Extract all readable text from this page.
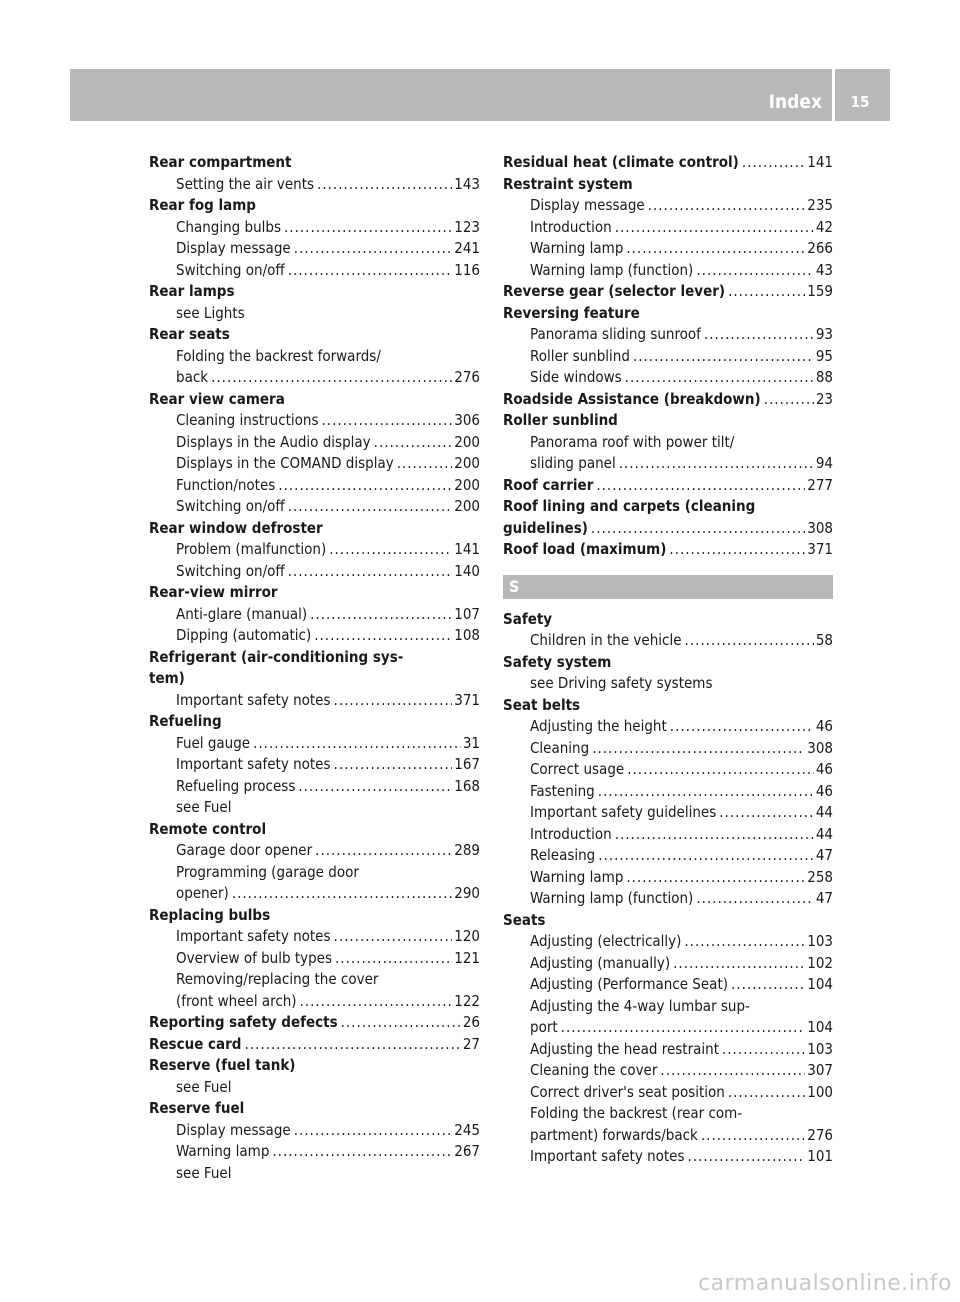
Index	15
Rear compartment
Setting the air vents .....	143
Rear fog lamp
Changing bulbs .....	123
Display message .....	241
Switching on/off .....	116
Rear lamps
see Lights
Rear seats
Folding the backrest forwards/
back .....	276
Rear view camera
Cleaning instructions .....	306
Displays in the Audio display .....	200
Displays in the COMAND display .....	200
Function/notes .....	200
Switching on/off .....	200
Rear window defroster
Problem (malfunction) .....	141
Switching on/off .....	140
Rear-view mirror
Anti-glare (manual) .....	107
Dipping (automatic) .....	108
Refrigerant (air-conditioning sys-
tem)
Important safety notes .....	371
Refueling
Fuel gauge .....	31
Important safety notes .....	167
Refueling process .....	168
see Fuel
Remote control
Garage door opener .....	289
Programming (garage door
opener) .....	290
Replacing bulbs
Important safety notes .....	120
Overview of bulb types .....	121
Removing/replacing the cover
(front wheel arch) .....	122
Reporting safety defects .....	26
Rescue card .....	27
Reserve (fuel tank)
see Fuel
Reserve fuel
Display message .....	245
Warning lamp .....	267
see Fuel
Residual heat (climate control) .....	141
Restraint system
Display message .....	235
Introduction .....	42
Warning lamp .....	266
Warning lamp (function) .....	43
Reverse gear (selector lever) .....	159
Reversing feature
Panorama sliding sunroof .....	93
Roller sunblind .....	95
Side windows .....	88
Roadside Assistance (breakdown) .....	23
Roller sunblind
Panorama roof with power tilt/
sliding panel .....	94
Roof carrier .....	277
Roof lining and carpets (cleaning
guidelines) .....	308
Roof load (maximum) .....	371
S
Safety
Children in the vehicle .....	58
Safety system
see Driving safety systems
Seat belts
Adjusting the height .....	46
Cleaning .....	308
Correct usage .....	46
Fastening .....	46
Important safety guidelines .....	44
Introduction .....	44
Releasing .....	47
Warning lamp .....	258
Warning lamp (function) .....	47
Seats
Adjusting (electrically) .....	103
Adjusting (manually) .....	102
Adjusting (Performance Seat) .....	104
Adjusting the 4-way lumbar sup-
port .....	104
Adjusting the head restraint .....	103
Cleaning the cover .....	307
Correct driver's seat position .....	100
Folding the backrest (rear com-
partment) forwards/back .....	276
Important safety notes .....	101
carmanualsonline.info
